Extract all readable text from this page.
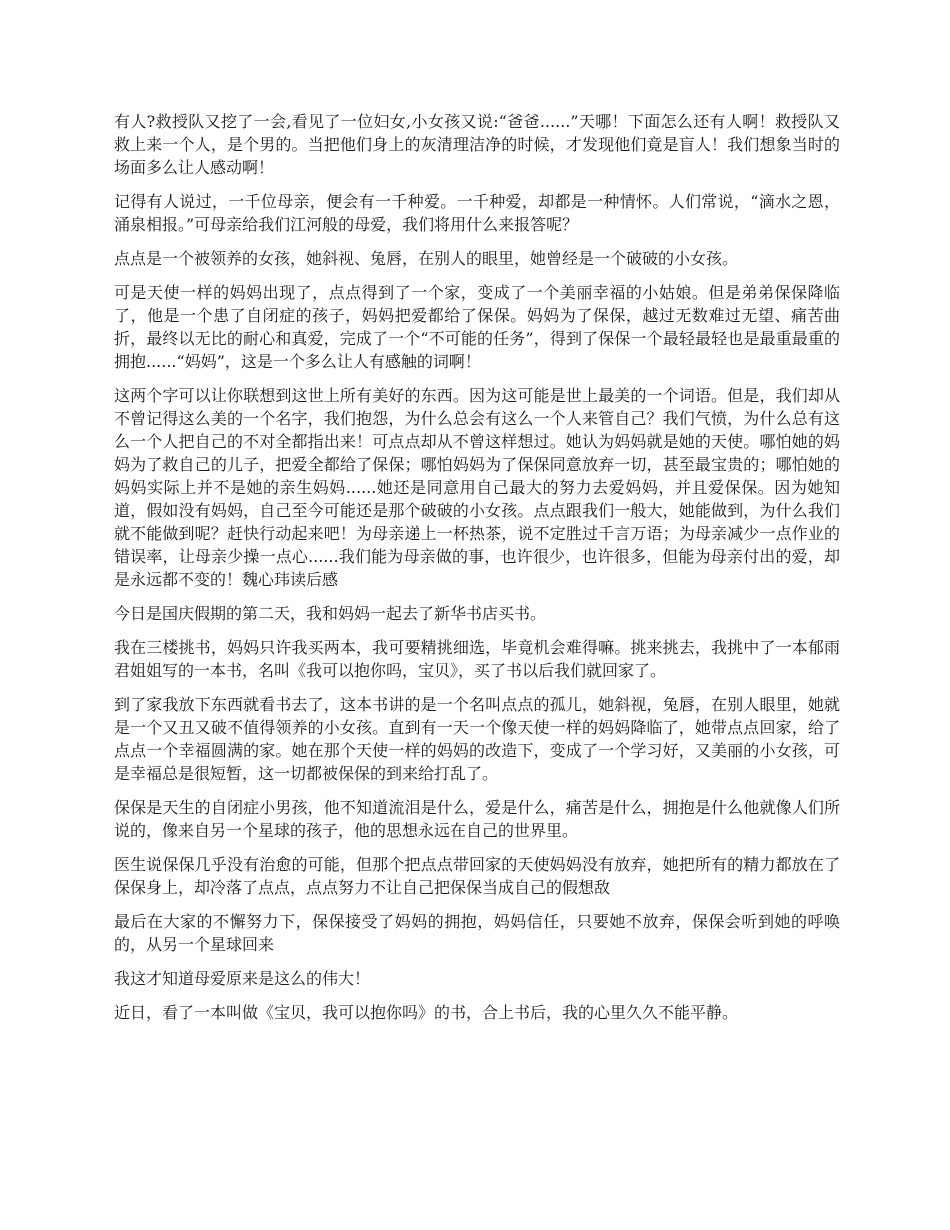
有人?救授队又挖了一会,看见了一位妇女,小女孩又说:“爸爸......”天哪！下面怎么还有人啊！救授队又救上来一个人，是个男的。当把他们身上的灰清理洁净的时候，才发现他们竟是盲人！我们想象当时的场面多么让人感动啊！

记得有人说过，一千位母亲，便会有一千种爱。一千种爱，却都是一种情怀。人们常说，“滴水之恩，涌泉相报。”可母亲给我们江河般的母爱，我们将用什么来报答呢？

点点是一个被领养的女孩，她斜视、兔唇，在别人的眼里，她曾经是一个破破的小女孩。

可是天使一样的妈妈出现了，点点得到了一个家，变成了一个美丽幸福的小姑娘。但是弟弟保保降临了，他是一个患了自闭症的孩子，妈妈把爱都给了保保。妈妈为了保保，越过无数难过无望、痛苦曲折，最终以无比的耐心和真爱，完成了一个“不可能的任务”，得到了保保一个最轻最轻也是最重最重的拥抱......“妈妈”，这是一个多么让人有感触的词啊！

这两个字可以让你联想到这世上所有美好的东西。因为这可能是世上最美的一个词语。但是，我们却从不曾记得这么美的一个名字，我们抱怨，为什么总会有这么一个人来管自己？我们气愤，为什么总有这么一个人把自己的不对全都指出来！可点点却从不曾这样想过。她认为妈妈就是她的天使。哪怕她的妈妈为了救自己的儿子，把爱全都给了保保；哪怕妈妈为了保保同意放弃一切，甚至最宝贵的；哪怕她的妈妈实际上并不是她的亲生妈妈......她还是同意用自己最大的努力去爱妈妈，并且爱保保。因为她知道，假如没有妈妈，自己至今可能还是那个破破的小女孩。点点跟我们一般大，她能做到，为什么我们就不能做到呢？赶快行动起来吧！为母亲递上一杯热茶，说不定胜过千言万语；为母亲减少一点作业的错误率，让母亲少操一点心......我们能为母亲做的事，也许很少，也许很多，但能为母亲付出的爱，却是永远都不变的！魏心玮读后感

今日是国庆假期的第二天，我和妈妈一起去了新华书店买书。

我在三楼挑书，妈妈只许我买两本，我可要精挑细选，毕竟机会难得嘛。挑来挑去，我挑中了一本郁雨君姐姐写的一本书，名叫《我可以抱你吗，宝贝》，买了书以后我们就回家了。

到了家我放下东西就看书去了，这本书讲的是一个名叫点点的孤儿，她斜视，兔唇，在别人眼里，她就是一个又丑又破不值得领养的小女孩。直到有一天一个像天使一样的妈妈降临了，她带点点回家，给了点点一个幸福圆满的家。她在那个天使一样的妈妈的改造下，变成了一个学习好，又美丽的小女孩，可是幸福总是很短暂，这一切都被保保的到来给打乱了。

保保是天生的自闭症小男孩，他不知道流泪是什么，爱是什么，痛苦是什么，拥抱是什么他就像人们所说的，像来自另一个星球的孩子，他的思想永远在自己的世界里。

医生说保保几乎没有治愈的可能，但那个把点点带回家的天使妈妈没有放弃，她把所有的精力都放在了保保身上，却冷落了点点，点点努力不让自己把保保当成自己的假想敌

最后在大家的不懈努力下，保保接受了妈妈的拥抱，妈妈信任，只要她不放弃，保保会听到她的呼唤的，从另一个星球回来

我这才知道母爱原来是这么的伟大！

近日，看了一本叫做《宝贝，我可以抱你吗》的书，合上书后，我的心里久久不能平静。
